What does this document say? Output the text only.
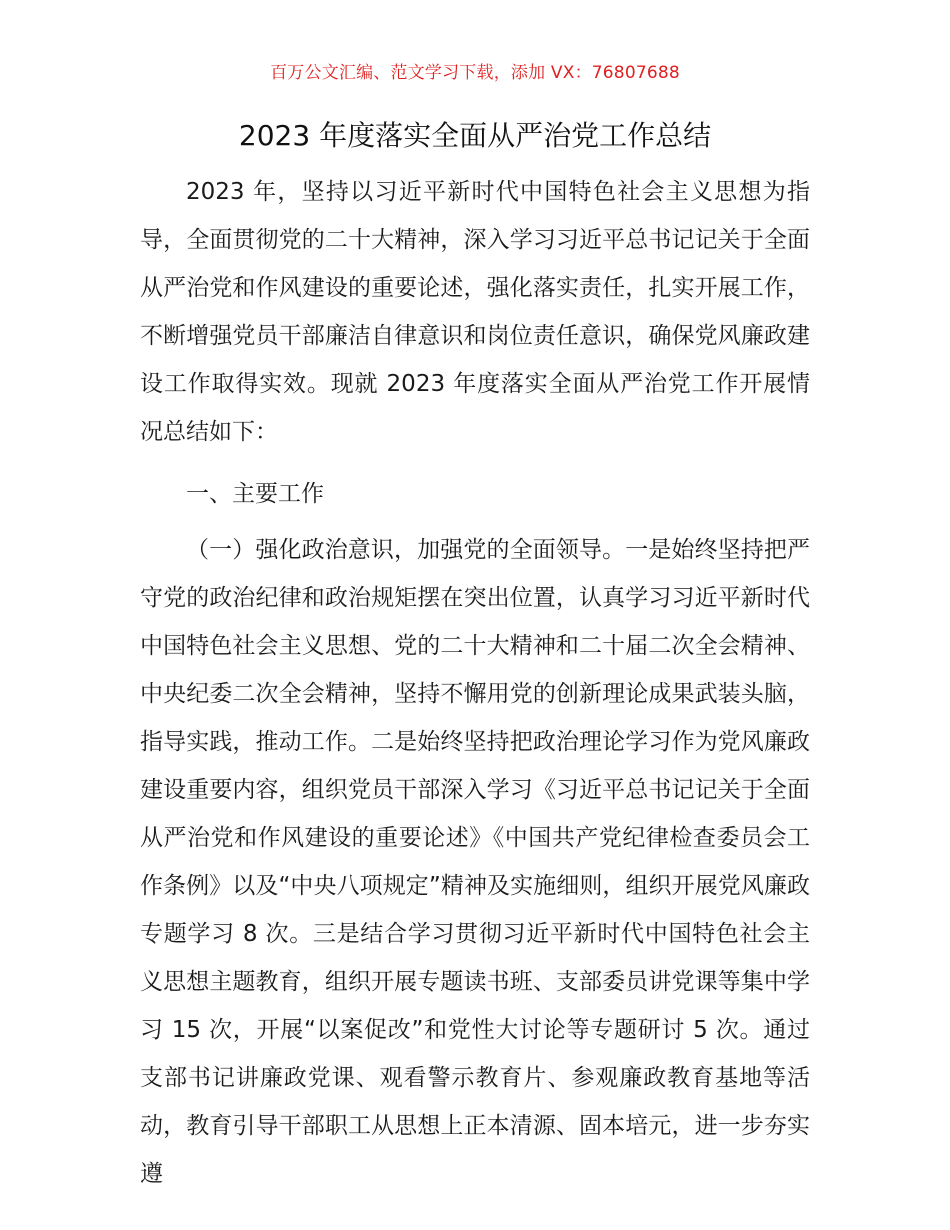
百万公文汇编、范文学习下载，添加 VX：76807688
2023 年度落实全面从严治党工作总结

2023 年，坚持以习近平新时代中国特色社会主义思想为指导，全面贯彻党的二十大精神，深入学习习近平总书记记关于全面从严治党和作风建设的重要论述，强化落实责任，扎实开展工作，不断增强党员干部廉洁自律意识和岗位责任意识，确保党风廉政建设工作取得实效。现就 2023 年度落实全面从严治党工作开展情况总结如下：

一、主要工作

（一）强化政治意识，加强党的全面领导。一是始终坚持把严守党的政治纪律和政治规矩摆在突出位置，认真学习习近平新时代中国特色社会主义思想、党的二十大精神和二十届二次全会精神、中央纪委二次全会精神，坚持不懈用党的创新理论成果武装头脑，指导实践，推动工作。二是始终坚持把政治理论学习作为党风廉政建设重要内容，组织党员干部深入学习《习近平总书记记关于全面从严治党和作风建设的重要论述》《中国共产党纪律检查委员会工作条例》以及“中央八项规定”精神及实施细则，组织开展党风廉政专题学习 8 次。三是结合学习贯彻习近平新时代中国特色社会主义思想主题教育，组织开展专题读书班、支部委员讲党课等集中学习 15 次，开展“以案促改”和党性大讨论等专题研讨 5 次。通过支部书记讲廉政党课、观看警示教育片、参观廉政教育基地等活动，教育引导干部职工从思想上正本清源、固本培元，进一步夯实遵
